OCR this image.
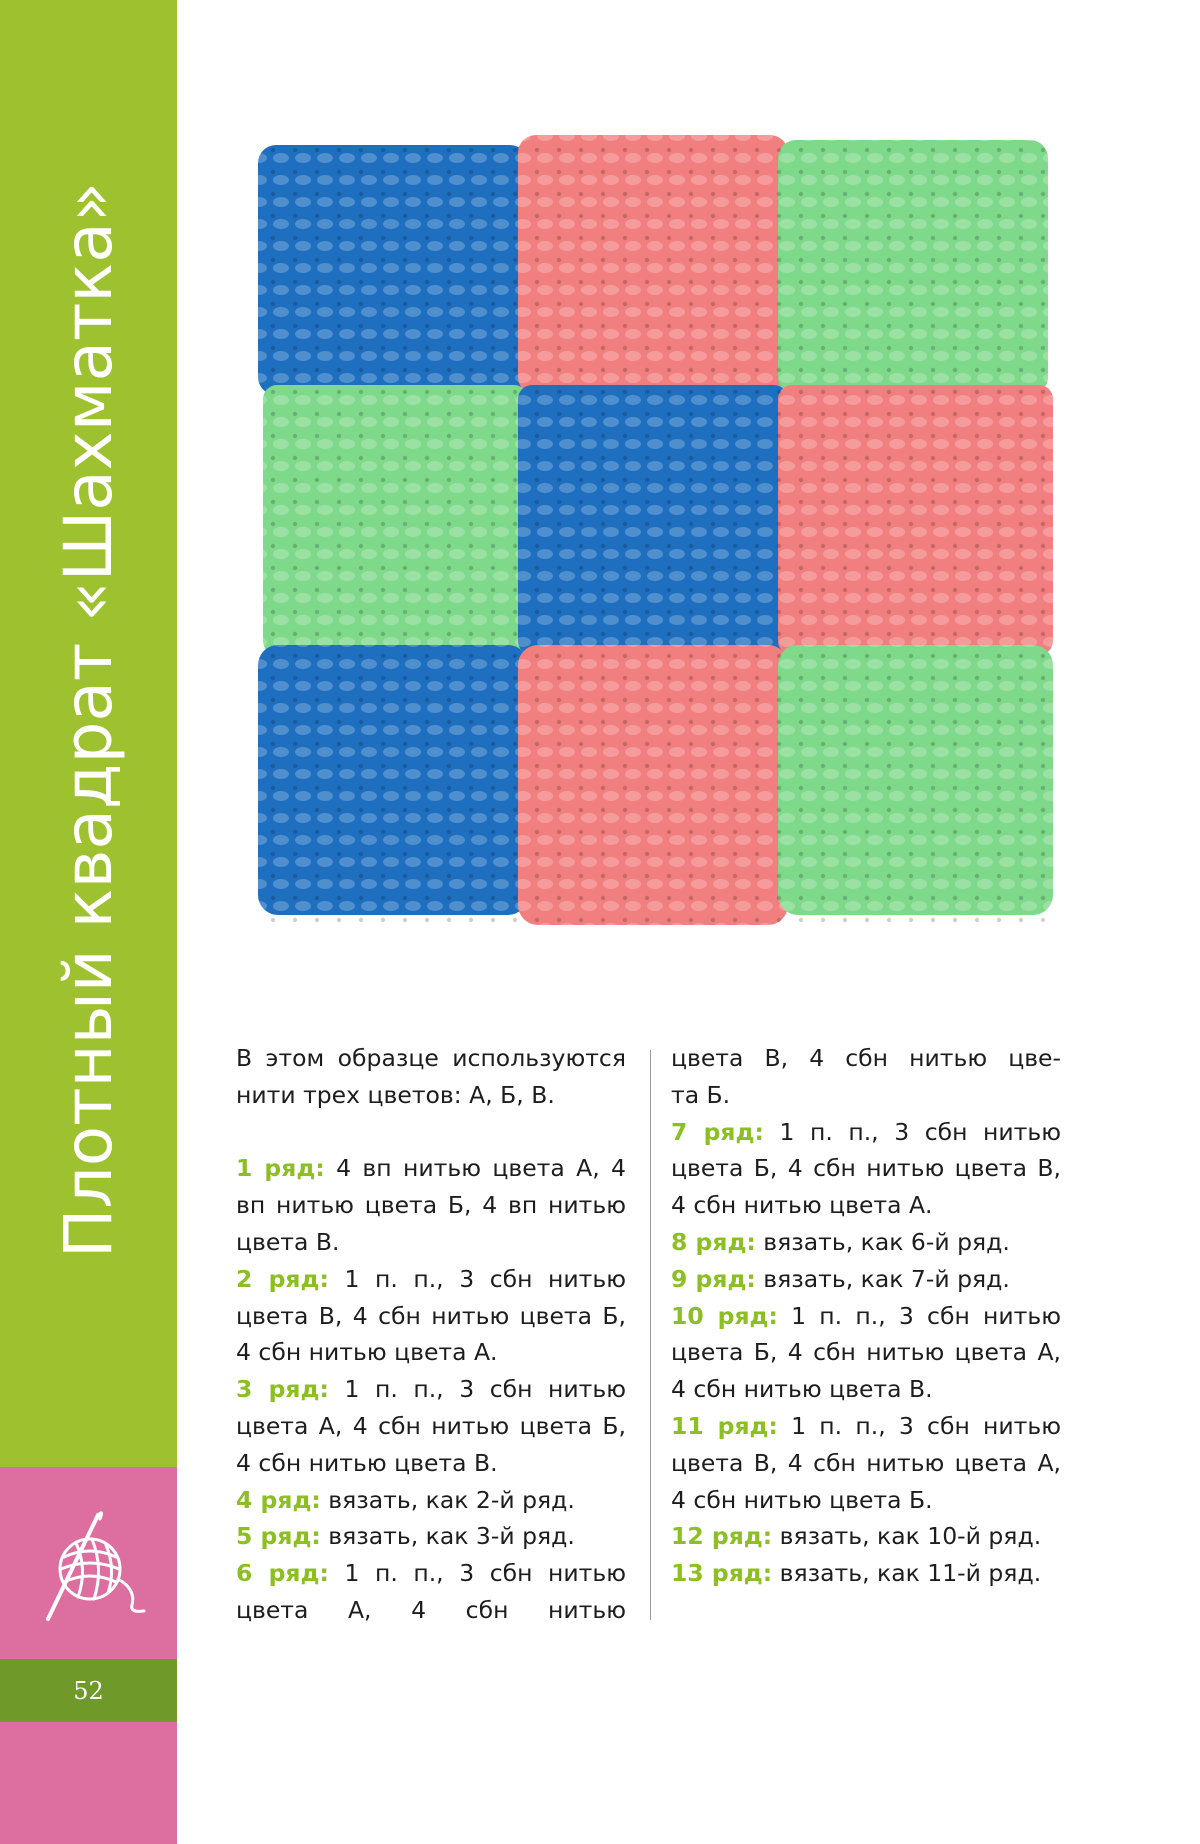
Плотный квадрат «Шахматка»
52

В этом образце используются

нити трех цветов: А, Б, В.

1 ряд: 4 вп нитью цвета А, 4

вп нитью цвета Б, 4 вп нитью

цвета В.

2 ряд: 1 п. п., 3 сбн нитью

цвета В, 4 сбн нитью цвета Б,

4 сбн нитью цвета А.

3 ряд: 1 п. п., 3 сбн нитью

цвета А, 4 сбн нитью цвета Б,

4 сбн нитью цвета В.

4 ряд: вязать, как 2-й ряд.

5 ряд: вязать, как 3-й ряд.

6 ряд: 1 п. п., 3 сбн нитью

цвета А, 4 сбн нитью

цвета В, 4 сбн нитью цве-

та Б.

7 ряд: 1 п. п., 3 сбн нитью

цвета Б, 4 сбн нитью цвета В,

4 сбн нитью цвета А.

8 ряд: вязать, как 6-й ряд.

9 ряд: вязать, как 7-й ряд.

10 ряд: 1 п. п., 3 сбн нитью

цвета Б, 4 сбн нитью цвета А,

4 сбн нитью цвета В.

11 ряд: 1 п. п., 3 сбн нитью

цвета В, 4 сбн нитью цвета А,

4 сбн нитью цвета Б.

12 ряд: вязать, как 10-й ряд.

13 ряд: вязать, как 11-й ряд.
